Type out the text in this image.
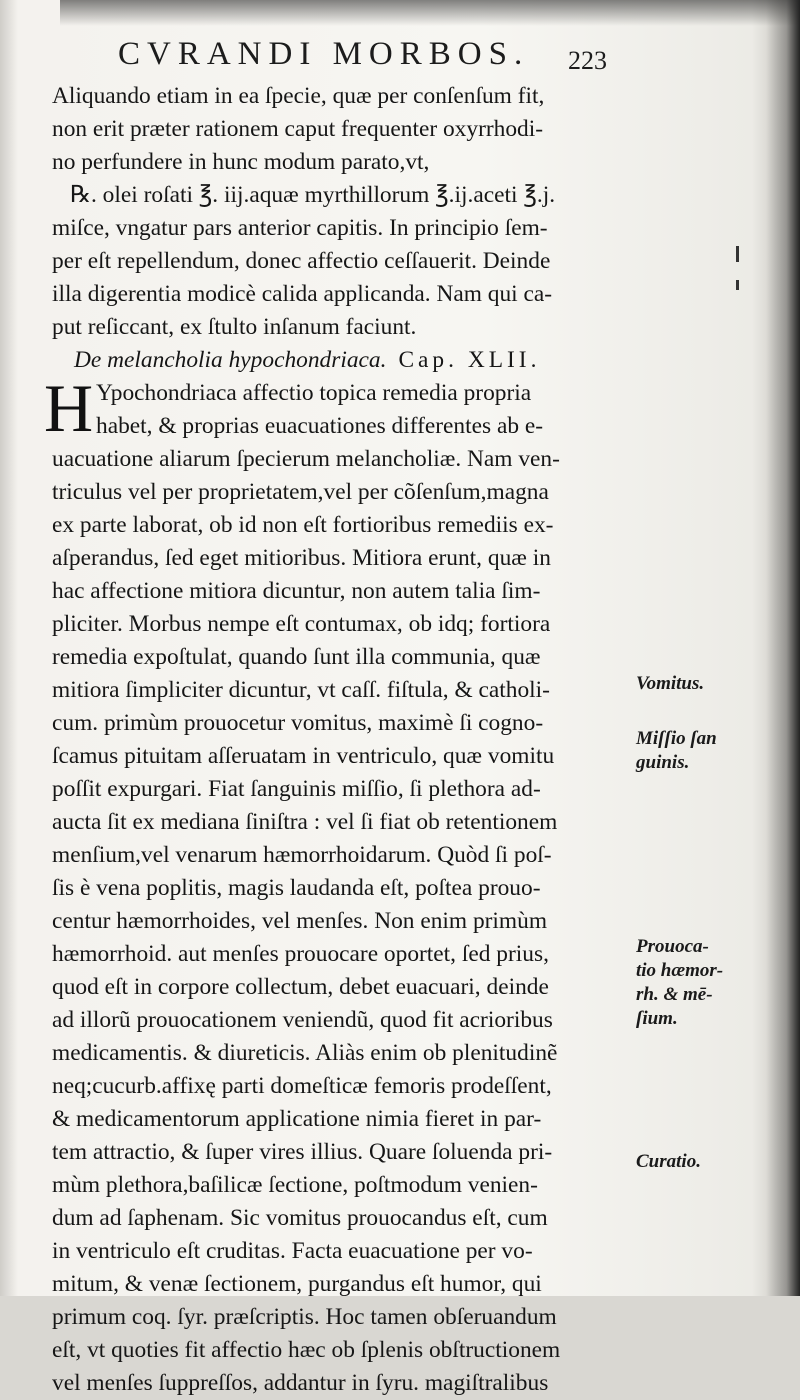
CVRANDI MORBOS. 223
Aliquando etiam in ea ſpecie, quæ per conſenſum fit,
non erit præter rationem caput frequenter oxyrrhodi-
no perfundere in hunc modum parato,vt,
℞. olei roſati ℥. iij.aquæ myrthillorum ℥.ij.aceti ℥.j.
miſce, vngatur pars anterior capitis. In principio ſem-
per eſt repellendum, donec affectio ceſſauerit. Deinde
illa digerentia modicè calida applicanda. Nam qui ca-
put reſiccant, ex ſtulto inſanum faciunt.
De melancholia hypochondriaca. Cap. XLII.
H Ypochondriaca affectio topica remedia propria
habet, & proprias euacuationes differentes ab e-
uacuatione aliarum ſpecierum melancholiæ. Nam ven-
triculus vel per proprietatem,vel per cõſenſum,magna
ex parte laborat, ob id non eſt fortioribus remediis ex-
aſperandus, ſed eget mitioribus. Mitiora erunt, quæ in
hac affectione mitiora dicuntur, non autem talia ſim-
pliciter. Morbus nempe eſt contumax, ob idq; fortiora
remedia expoſtulat, quando ſunt illa communia, quæ
mitiora ſimpliciter dicuntur, vt caſſ. fiſtula, & catholi-
cum. primùm prouocetur vomitus, maximè ſi cogno-
ſcamus pituitam aſſeruatam in ventriculo, quæ vomitu
poſſit expurgari. Fiat ſanguinis miſſio, ſi plethora ad-
aucta ſit ex mediana ſiniſtra : vel ſi fiat ob retentionem
menſium,vel venarum hæmorrhoidarum. Quòd ſi poſ-
ſis è vena poplitis, magis laudanda eſt, poſtea prouo-
centur hæmorrhoides, vel menſes. Non enim primùm
hæmorrhoid. aut menſes prouocare oportet, ſed prius,
quod eſt in corpore collectum, debet euacuari, deinde
ad illorũ prouocationem veniendũ, quod fit acrioribus
medicamentis. & diureticis. Aliàs enim ob plenitudinẽ
neq;cucurb.affixę parti domeſticæ femoris prodeſſent,
& medicamentorum applicatione nimia fieret in par-
tem attractio, & ſuper vires illius. Quare ſoluenda pri-
mùm plethora,baſilicæ ſectione, poſtmodum venien-
dum ad ſaphenam. Sic vomitus prouocandus eſt, cum
in ventriculo eſt cruditas. Facta euacuatione per vo-
mitum, & venæ ſectionem, purgandus eſt humor, qui
primum coq. ſyr. præſcriptis. Hoc tamen obſeruandum
eſt, vt quoties fit affectio hæc ob ſplenis obſtructionem
vel menſes ſuppreſſos, addantur in ſyru. magiſtralibus
Vomitus.
Miſſio ſan
guinis.
Prouoca-
tio hæmor-
rh. & mē-
ſium.
Curatio.
